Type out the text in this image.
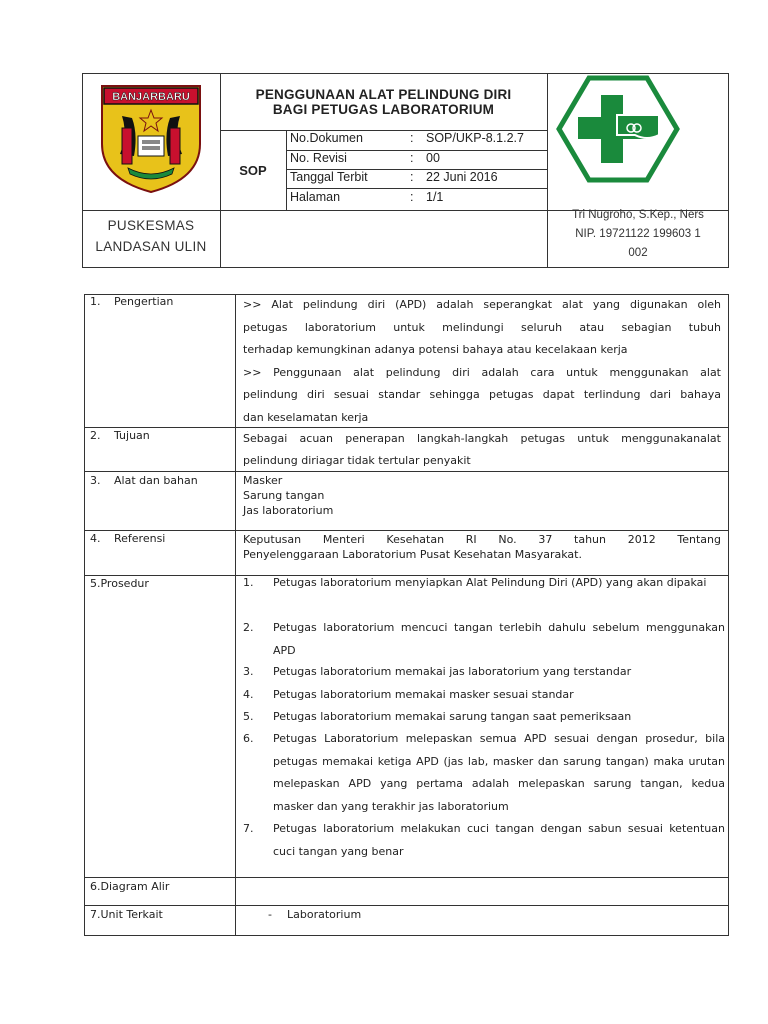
BANJARBARU	PENGGUNAAN ALAT PELINDUNG DIRI
BAGI PETUGAS LABORATORIUM
SOP
No.Dokumen	: SOP/UKP-8.1.2.7
No. Revisi	: 00
Tanggal Terbit	: 22 Juni 2016
Halaman	: 1/1
PUSKESMAS
LANDASAN ULIN
Tri Nugroho, S.Kep., Ners
NIP. 19721122 199603 1
002
1. Pengertian	>> Alat pelindung diri (APD) adalah seperangkat alat yang digunakan oleh
petugas laboratorium untuk melindungi seluruh atau sebagian tubuh
terhadap kemungkinan adanya potensi bahaya atau kecelakaan kerja
>> Penggunaan alat pelindung diri adalah cara untuk menggunakan alat
pelindung diri sesuai standar sehingga petugas dapat terlindung dari bahaya
dan keselamatan kerja
2. Tujuan	Sebagai acuan penerapan langkah-langkah petugas untuk menggunakanalat
pelindung diriagar tidak tertular penyakit
3. Alat dan bahan	Masker
Sarung tangan
Jas laboratorium
4. Referensi	Keputusan Menteri Kesehatan RI No. 37 tahun 2012 Tentang
Penyelenggaraan Laboratorium Pusat Kesehatan Masyarakat.
5.Prosedur	1. Petugas laboratorium menyiapkan Alat Pelindung Diri (APD) yang akan dipakai
2. Petugas laboratorium mencuci tangan terlebih dahulu sebelum menggunakan APD
3. Petugas laboratorium memakai jas laboratorium yang terstandar
4. Petugas laboratorium memakai masker sesuai standar
5. Petugas laboratorium memakai sarung tangan saat pemeriksaan
6. Petugas Laboratorium melepaskan semua APD sesuai dengan prosedur, bila petugas memakai ketiga APD (jas lab, masker dan sarung tangan) maka urutan melepaskan APD yang pertama adalah melepaskan sarung tangan, kedua masker dan yang terakhir jas laboratorium
7. Petugas laboratorium melakukan cuci tangan dengan sabun sesuai ketentuan cuci tangan yang benar
6.Diagram Alir
7.Unit Terkait	- Laboratorium
